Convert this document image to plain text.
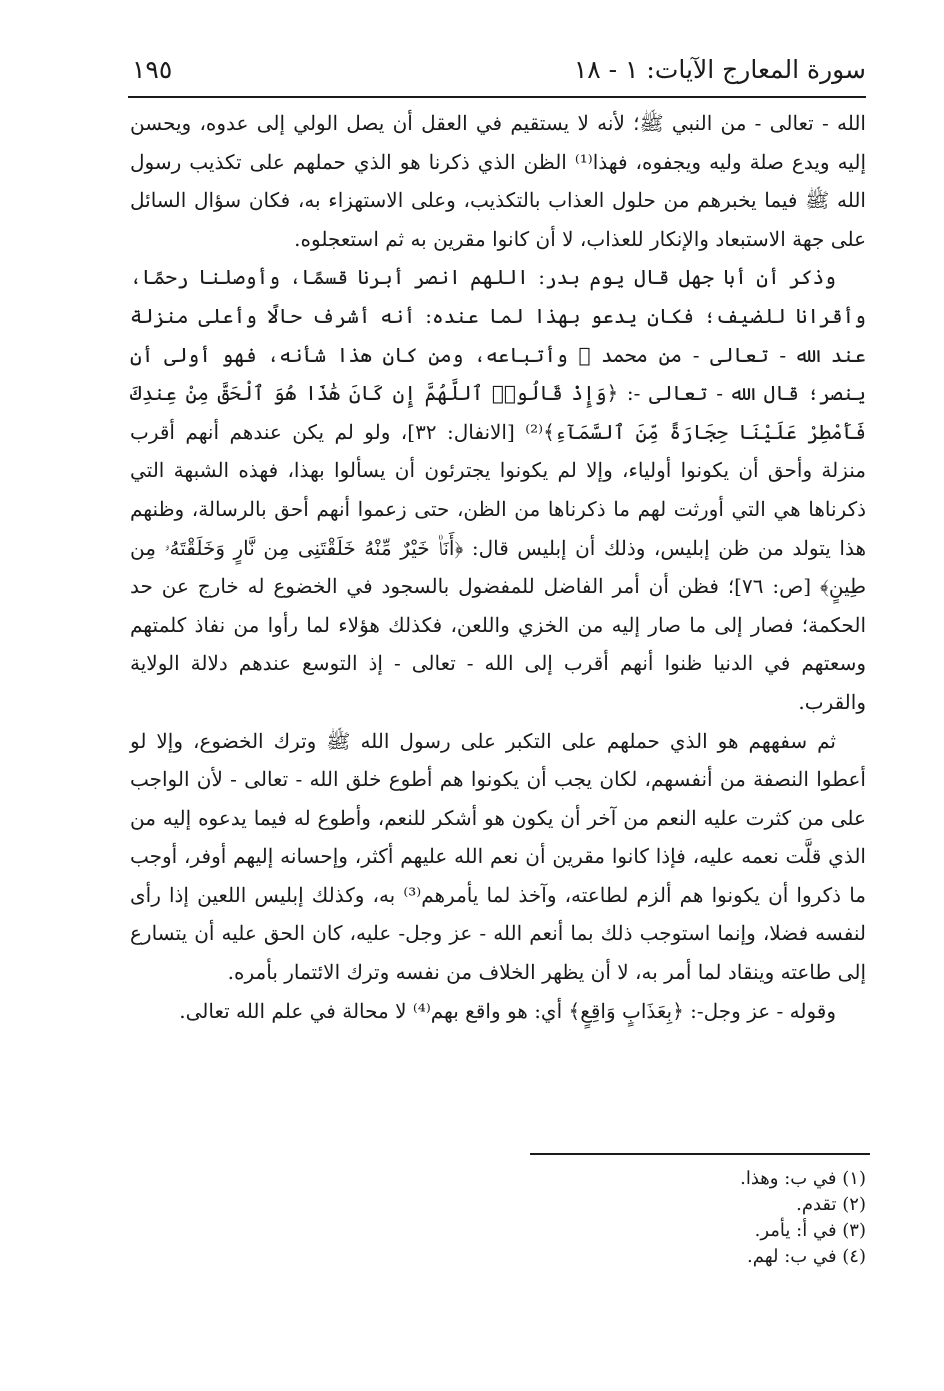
سورة المعارج الآيات: ١ - ١٨
١٩٥

الله - تعالى - من النبي ﷺ؛ لأنه لا يستقيم في العقل أن يصل الولي إلى عدوه، ويحسن إليه ويدع صلة وليه ويجفوه، فهذا⁽¹⁾ الظن الذي ذكرنا هو الذي حملهم على تكذيب رسول الله ﷺ فيما يخبرهم من حلول العذاب بالتكذيب، وعلى الاستهزاء به، فكان سؤال السائل على جهة الاستبعاد والإنكار للعذاب، لا أن كانوا مقرين به ثم استعجلوه.

وذكر أن أبا جهل قال يوم بدر: اللهم انصر أبرنا قسمًا، وأوصلنا رحمًا، وأقرانا للضيف؛ فكان يدعو بهذا لما عنده: أنه أشرف حالًا وأعلى منزلة عند الله - تعالى - من محمد ﷺ وأتباعه، ومن كان هذا شأنه، فهو أولى أن ينصر؛ قال الله - تعالى -: ﴿وَإِذْ قَالُوا۟ ٱللَّهُمَّ إِن كَانَ هَٰذَا هُوَ ٱلْحَقَّ مِنْ عِندِكَ فَأَمْطِرْ عَلَيْنَا حِجَارَةً مِّنَ ٱلسَّمَآءِ﴾⁽²⁾ [الانفال: ٣٢]، ولو لم يكن عندهم أنهم أقرب منزلة وأحق أن يكونوا أولياء، وإلا لم يكونوا يجترئون أن يسألوا بهذا، فهذه الشبهة التي ذكرناها هي التي أورثت لهم ما ذكرناها من الظن، حتى زعموا أنهم أحق بالرسالة، وظنهم هذا يتولد من ظن إبليس، وذلك أن إبليس قال: ﴿أَنَا۠ خَيْرٌ مِّنْهُ خَلَقْتَنِى مِن نَّارٍ وَخَلَقْتَهُۥ مِن طِينٍ﴾ [ص: ٧٦]؛ فظن أن أمر الفاضل للمفضول بالسجود في الخضوع له خارج عن حد الحكمة؛ فصار إلى ما صار إليه من الخزي واللعن، فكذلك هؤلاء لما رأوا من نفاذ كلمتهم وسعتهم في الدنيا ظنوا أنهم أقرب إلى الله - تعالى - إذ التوسع عندهم دلالة الولاية والقرب.

ثم سفههم هو الذي حملهم على التكبر على رسول الله ﷺ وترك الخضوع، وإلا لو أعطوا النصفة من أنفسهم، لكان يجب أن يكونوا هم أطوع خلق الله - تعالى - لأن الواجب على من كثرت عليه النعم من آخر أن يكون هو أشكر للنعم، وأطوع له فيما يدعوه إليه من الذي قلَّت نعمه عليه، فإذا كانوا مقرين أن نعم الله عليهم أكثر، وإحسانه إليهم أوفر، أوجب ما ذكروا أن يكونوا هم ألزم لطاعته، وآخذ لما يأمرهم⁽³⁾ به، وكذلك إبليس اللعين إذا رأى لنفسه فضلا، وإنما استوجب ذلك بما أنعم الله - عز وجل- عليه، كان الحق عليه أن يتسارع إلى طاعته وينقاد لما أمر به، لا أن يظهر الخلاف من نفسه وترك الائتمار بأمره.

وقوله - عز وجل-: ﴿بِعَذَابٍ وَاقِعٍ﴾ أي: هو واقع بهم⁽⁴⁾ لا محالة في علم الله تعالى.

(١) في ب: وهذا.
(٢) تقدم.
(٣) في أ: يأمر.
(٤) في ب: لهم.
